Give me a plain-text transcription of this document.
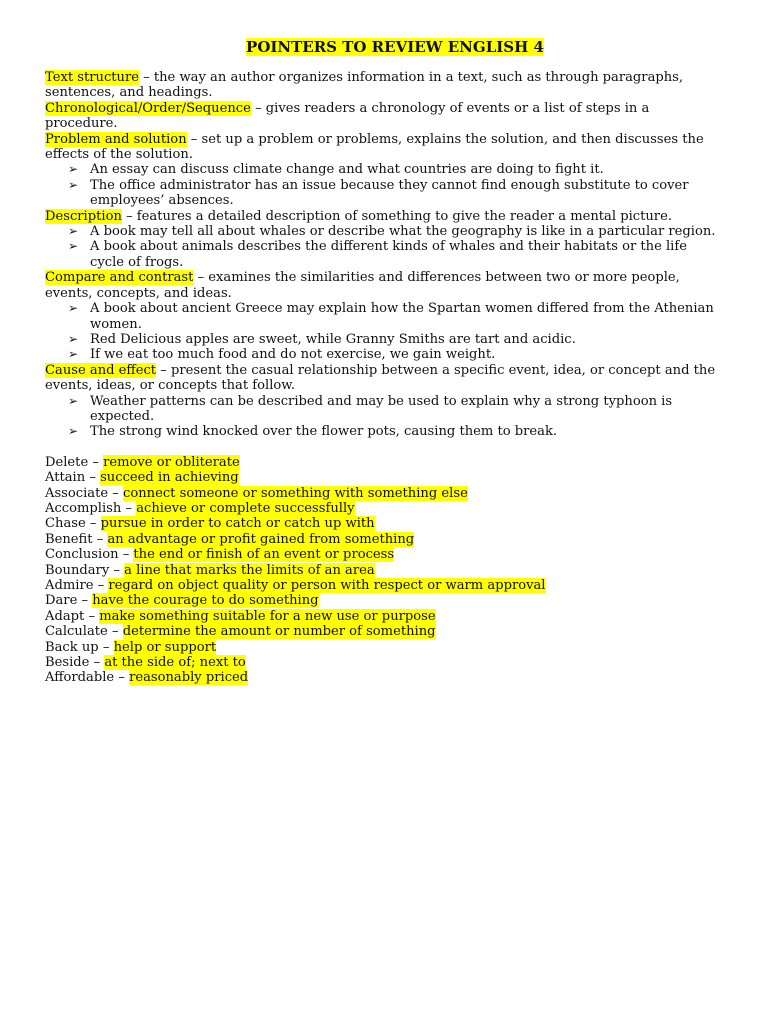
POINTERS TO REVIEW ENGLISH 4

Text structure – the way an author organizes information in a text, such as through paragraphs, sentences, and headings.

Chronological/Order/Sequence – gives readers a chronology of events or a list of steps in a procedure.

Problem and solution – set up a problem or problems, explains the solution, and then discusses the effects of the solution.

➢ An essay can discuss climate change and what countries are doing to fight it.
➢ The office administrator has an issue because they cannot find enough substitute to cover employees’ absences.

Description – features a detailed description of something to give the reader a mental picture.

➢ A book may tell all about whales or describe what the geography is like in a particular region.
➢ A book about animals describes the different kinds of whales and their habitats or the life cycle of frogs.

Compare and contrast – examines the similarities and differences between two or more people, events, concepts, and ideas.

➢ A book about ancient Greece may explain how the Spartan women differed from the Athenian women.
➢ Red Delicious apples are sweet, while Granny Smiths are tart and acidic.
➢ If we eat too much food and do not exercise, we gain weight.

Cause and effect – present the casual relationship between a specific event, idea, or concept and the events, ideas, or concepts that follow.

➢ Weather patterns can be described and may be used to explain why a strong typhoon is expected.
➢ The strong wind knocked over the flower pots, causing them to break.

Delete – remove or obliterate

Attain – succeed in achieving

Associate – connect someone or something with something else

Accomplish – achieve or complete successfully

Chase – pursue in order to catch or catch up with

Benefit – an advantage or profit gained from something

Conclusion – the end or finish of an event or process

Boundary – a line that marks the limits of an area

Admire – regard on object quality or person with respect or warm approval

Dare – have the courage to do something

Adapt – make something suitable for a new use or purpose

Calculate – determine the amount or number of something

Back up – help or support

Beside – at the side of; next to

Affordable – reasonably priced
